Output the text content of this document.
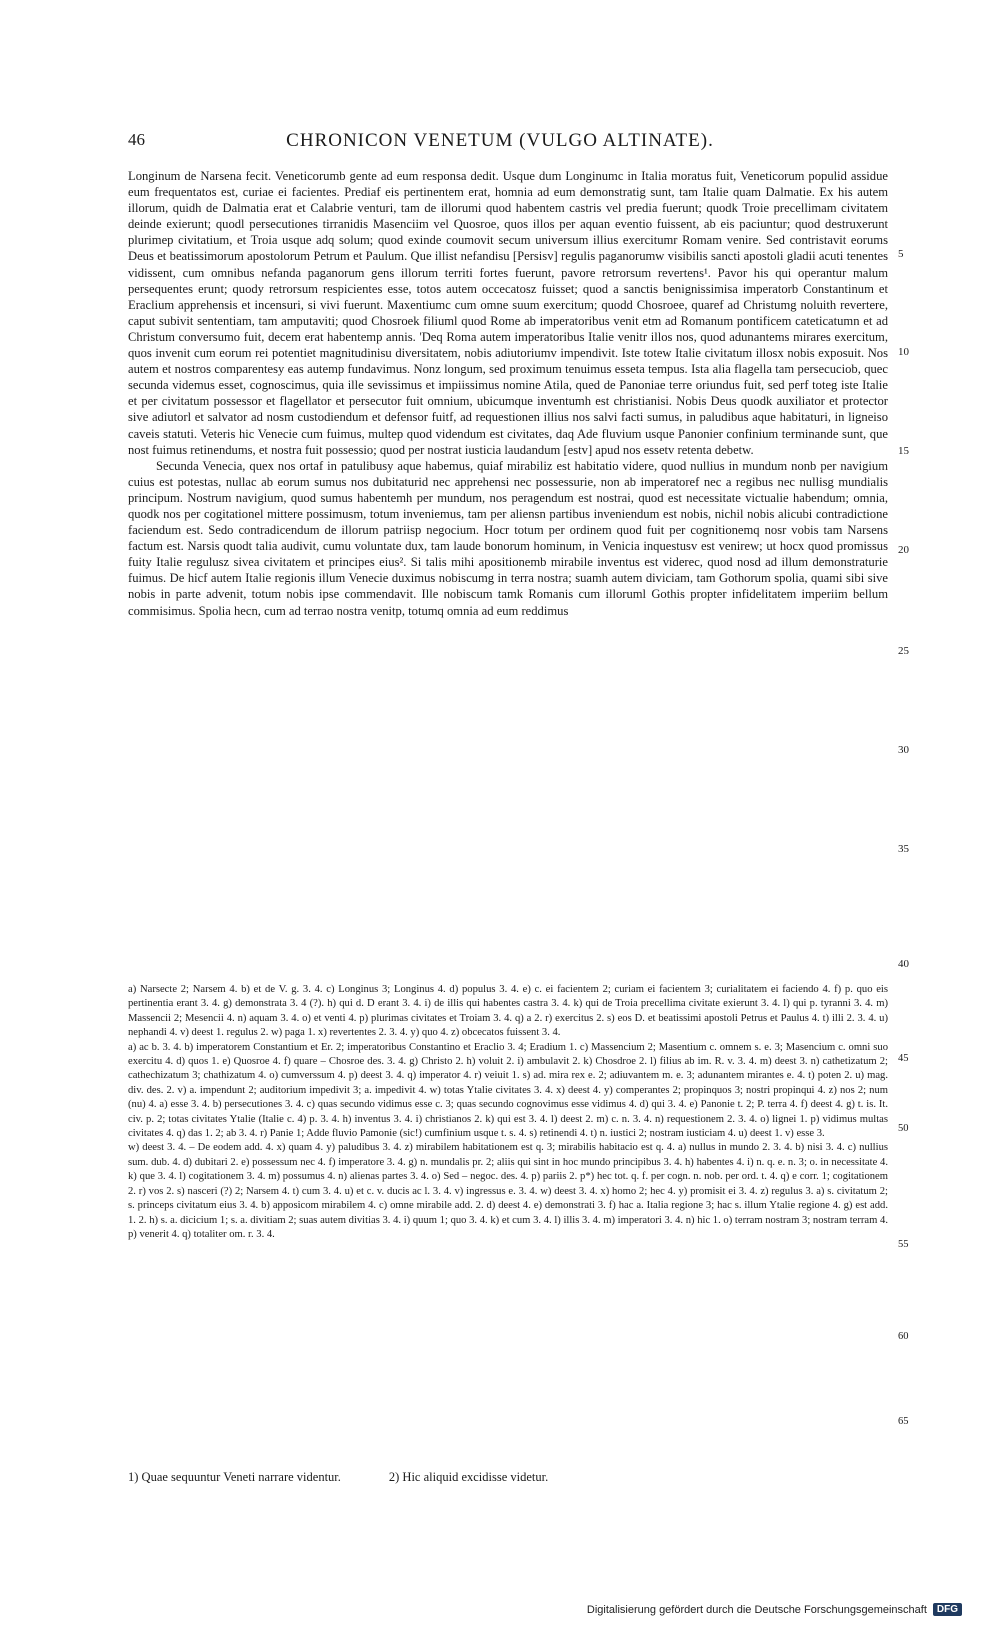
46	CHRONICON VENETUM (VULGO ALTINATE).

Longinum de Narsena fecit. Veneticorumb gente ad eum responsa dedit. Usque dum Longinumc in Italia moratus fuit, Veneticorum populid assidue eum frequentatos est, curiae ei facientes. Prediaf eis pertinentem erat, homnia ad eum demonstratig sunt, tam Italie quam Dalmatie. Ex his autem illorum, quidh de Dalmatia erat et Calabrie venturi, tam de illorumi quod habentem castris vel predia fuerunt; quodk Troie precellimam civitatem deinde exierunt; quodl persecutiones tirranidis Masenciim vel Quosroe, quos illos per aquan eventio fuissent, ab eis paciuntur; quod destruxerunt plurimep civitatium, et Troia usque adq solum; quod exinde coumovit secum universum illius exercitumr Romam venire. Sed contristavit eorums Deus et beatissimorum apostolorum Petrum et Paulum. Que illist nefandisu [Persisv] regulis paganorumw visibilis sancti apostoli gladii acuti tenentes vidissent, cum omnibus nefanda paganorum gens illorum territi fortes fuerunt, pavore retrorsum revertens¹. Pavor his qui operantur malum persequentes erunt; quody retrorsum respicientes esse, totos autem occecatosz fuisset; quod a sanctis benignissimisa imperatorb Constantinum et Eraclium apprehensis et incensuri, si vivi fuerunt. Maxentiumc cum omne suum exercitum; quodd Chosroee, quaref ad Christumg noluith revertere, caput subivit sententiam, tam amputaviti; quod Chosroek filiuml quod Rome ab imperatoribus venit etm ad Romanum pontificem cateticatumn et ad Christum conversumo fuit, decem erat habentemp annis. 'Deq Roma autem imperatoribus Italie venitr illos nos, quod adunantems mirares exercitum, quos invenit cum eorum rei potentiet magnitudinisu diversitatem, nobis adiutoriumv impendivit. Iste totew Italie civitatum illosx nobis exposuit. Nos autem et nostros comparentesy eas autemp fundavimus. Nonz longum, sed proximum tenuimus essetа tempus. Ista alia flagella tam persecuciob, quec secunda videmus esset, cognoscimus, quia ille sevissimus et impiissimus nomine Atila, qued de Panoniae terre oriundus fuit, sed perf toteg iste Italie et per civitatum possessor et flagellator et persecutor fuit omnium, ubicumque inventumh est christianisi. Nobis Deus quodk auxiliator et protector sive adiutorl et salvator ad nosm custodiendum et defensor fuitf, ad requestionen illius nos salvi facti sumus, in paludibus aque habitaturi, in ligneiso caveis statuti. Veteris hic Venecie cum fuimus, multep quod videndum est civitates, daq Ade fluvium usque Panonier confinium terminande sunt, que nost fuimus retinendums, et nostra fuit possessio; quod per nostrat iusticia laudandum [estv] apud nos essetv retenta debetw.

Secunda Venecia, quex nos ortaf in patulibusy aque habemus, quiaf mirabiliz est habitatio videre, quod nullius in mundum nonb per navigium cuius est potestas, nullac ab eorum sumus nos dubitaturid nec apprehensi nec possessurie, non ab imperatoref nec a regibus nec nullisg mundialis principum. Nostrum navigium, quod sumus habentemh per mundum, nos peragendum est nostrai, quod est necessitate victualie habendum; omnia, quodk nos per cogitationel mittere possimusm, totum inveniemus, tam per aliensn partibus inveniendum est nobis, nichil nobis alicubi contradictione faciendum est. Sedo contradicendum de illorum patriisp negocium. Hocr totum per ordinem quod fuit per cognitionemq nosr vobis tam Narsens factum est. Narsis quodt talia audivit, cumu voluntate dux, tam laude bonorum hominum, in Venicia inquestusv est venirew; ut hocx quod promissus fuity Italie regulusz sivea civitatem et principes eius². Si talis mihi apositionemb mirabile inventus est viderec, quod nosd ad illum demonstraturie fuimus. De hicf autem Italie regionis illum Venecie duximus nobiscumg in terra nostra; suamh autem diviciam, tam Gothorum spolia, quami sibi sive nobis in parte advenit, totum nobis ipse commendavit. Ille nobiscum tamk Romanis cum illoruml Gothis propter infidelitatem imperiim bellum commisimus. Spolia hecn, cum ad terrao nostra venitp, totumq omnia ad eum reddimus

5
10
15
20
25
30
35
40

a) Narsecte 2; Narsem 4. b) et de V. g. 3. 4. c) Longinus 3; Longinus 4. d) populus 3. 4. e) c. ei facientem 2; curiam ei facientem 3; curialitatem ei faciendo 4. f) p. quo eis pertinentia erant 3. 4. g) demonstrata 3. 4 (?). h) qui d. D erant 3. 4. i) de illis qui habentes castra 3. 4. k) qui de Troia precellima civitate exierunt 3. 4. l) qui p. tyranni 3. 4. m) Massencii 2; Mesencii 4. n) aquam 3. 4. o) et venti 4. p) plurimas civitates et Troiam 3. 4. q) a 2. r) exercitus 2. s) eos D. et beatissimi apostoli Petrus et Paulus 4. t) illi 2. 3. 4. u) nephandi 4. v) deest 1. regulus 2. w) paga 1. x) revertentes 2. 3. 4. y) quo 4. z) obcecatos fuissent 3. 4.

a) ac b. 3. 4. b) imperatorem Constantium et Er. 2; imperatoribus Constantino et Eraclio 3. 4; Eradium 1. c) Massencium 2; Masentium c. omnem s. e. 3; Masencium c. omni suo exercitu 4. d) quos 1. e) Quosroe 4. f) quare – Chosroe des. 3. 4. g) Christo 2. h) voluit 2. i) ambulavit 2. k) Chosdroe 2. l) filius ab im. R. v. 3. 4. m) deest 3. n) cathetizatum 2; cathechizatum 3; chathizatum 4. o) cumverssum 4. p) deest 3. 4. q) imperator 4. r) veiuit 1. s) ad. mira rex e. 2; adiuvantem m. e. 3; adunantem mirantes e. 4. t) poten 2. u) mag. div. des. 2. v) a. impendunt 2; auditorium impedivit 3; a. impedivit 4. w) totas Ytalie civitates 3. 4. x) deest 4. y) comperantes 2; propinquos 3; nostri propinqui 4. z) nos 2; num (nu) 4. a) esse 3. 4. b) persecutiones 3. 4. c) quas secundo vidimus esse c. 3; quas secundo cognovimus esse vidimus 4. d) qui 3. 4. e) Panonie t. 2; P. terra 4. f) deest 4. g) t. is. It. civ. p. 2; totas civitates Ytalie (Italie c. 4) p. 3. 4. h) inventus 3. 4. i) christianos 2. k) qui est 3. 4. l) deest 2. m) c. n. 3. 4. n) requestionem 2. 3. 4. o) lignei 1. p) vidimus multas civitates 4. q) das 1. 2; ab 3. 4. r) Panie 1; Adde fluvio Pamonie (sic!) cumfinium usque t. s. 4. s) retinendi 4. t) n. iustici 2; nostram iusticiam 4. u) deest 1. v) esse 3.

w) deest 3. 4. – De eodem add. 4. x) quam 4. y) paludibus 3. 4. z) mirabilem habitationem est q. 3; mirabilis habitacio est q. 4. a) nullus in mundo 2. 3. 4. b) nisi 3. 4. c) nullius sum. dub. 4. d) dubitari 2. e) possessum nec 4. f) imperatore 3. 4. g) n. mundalis pr. 2; aliis qui sint in hoc mundo principibus 3. 4. h) habentes 4. i) n. q. e. n. 3; o. in necessitate 4. k) que 3. 4. l) cogitationem 3. 4. m) possumus 4. n) alienas partes 3. 4. o) Sed – negoc. des. 4. p) pariis 2. p*) hec tot. q. f. per cogn. n. nob. per ord. t. 4. q) e corr. 1; cogitationem 2. r) vos 2. s) nasceri (?) 2; Narsem 4. t) cum 3. 4. u) et c. v. ducis ac l. 3. 4. v) ingressus e. 3. 4. w) deest 3. 4. x) homo 2; hec 4. y) promisit ei 3. 4. z) regulus 3. a) s. civitatum 2; s. princeps civitatum eius 3. 4. b) apposicom mirabilem 4. c) omne mirabile add. 2. d) deest 4. e) demonstrati 3. f) hac a. Italia regione 3; hac s. illum Ytalie regione 4. g) est add. 1. 2. h) s. a. dicicium 1; s. a. divitiam 2; suas autem divitias 3. 4. i) quum 1; quo 3. 4. k) et cum 3. 4. l) illis 3. 4. m) imperatori 3. 4. n) hic 1. o) terram nostram 3; nostram terram 4. p) venerit 4. q) totaliter om. r. 3. 4.

45
50
55
60
65
1) Quae sequuntur Veneti narrare videntur.	2) Hic aliquid excidisse videtur.
Digitalisierung gefördert durch die Deutsche Forschungsgemeinschaft	DFG
